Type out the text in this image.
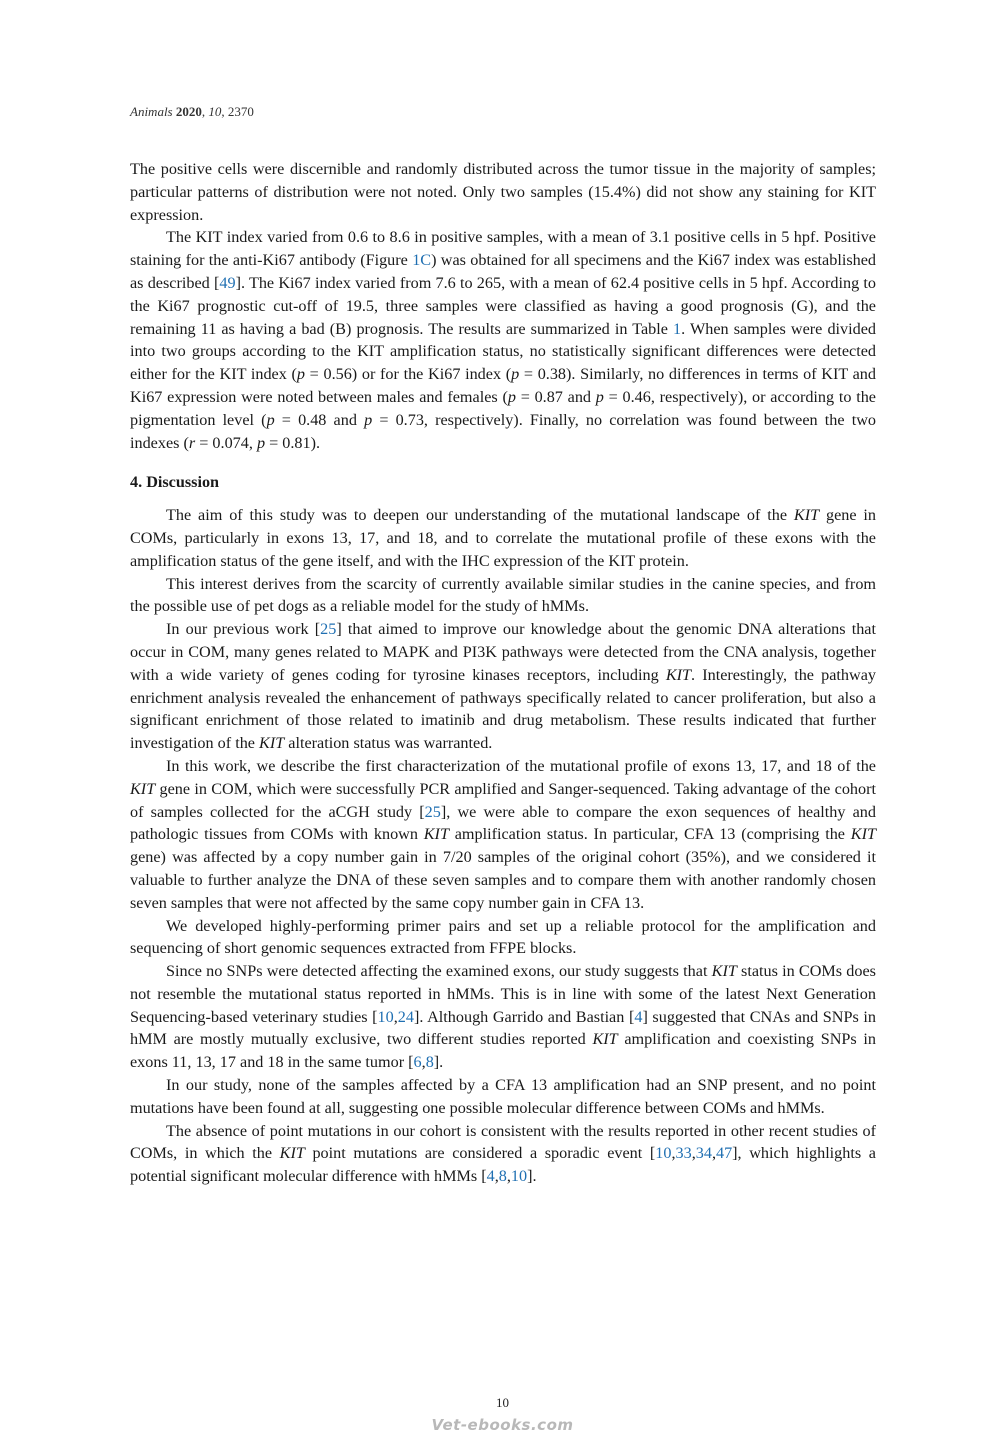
Animals 2020, 10, 2370

The positive cells were discernible and randomly distributed across the tumor tissue in the majority of samples; particular patterns of distribution were not noted. Only two samples (15.4%) did not show any staining for KIT expression.

The KIT index varied from 0.6 to 8.6 in positive samples, with a mean of 3.1 positive cells in 5 hpf. Positive staining for the anti-Ki67 antibody (Figure 1C) was obtained for all specimens and the Ki67 index was established as described [49]. The Ki67 index varied from 7.6 to 265, with a mean of 62.4 positive cells in 5 hpf. According to the Ki67 prognostic cut-off of 19.5, three samples were classified as having a good prognosis (G), and the remaining 11 as having a bad (B) prognosis. The results are summarized in Table 1. When samples were divided into two groups according to the KIT amplification status, no statistically significant differences were detected either for the KIT index (p = 0.56) or for the Ki67 index (p = 0.38). Similarly, no differences in terms of KIT and Ki67 expression were noted between males and females (p = 0.87 and p = 0.46, respectively), or according to the pigmentation level (p = 0.48 and p = 0.73, respectively). Finally, no correlation was found between the two indexes (r = 0.074, p = 0.81).

4. Discussion

The aim of this study was to deepen our understanding of the mutational landscape of the KIT gene in COMs, particularly in exons 13, 17, and 18, and to correlate the mutational profile of these exons with the amplification status of the gene itself, and with the IHC expression of the KIT protein.

This interest derives from the scarcity of currently available similar studies in the canine species, and from the possible use of pet dogs as a reliable model for the study of hMMs.

In our previous work [25] that aimed to improve our knowledge about the genomic DNA alterations that occur in COM, many genes related to MAPK and PI3K pathways were detected from the CNA analysis, together with a wide variety of genes coding for tyrosine kinases receptors, including KIT. Interestingly, the pathway enrichment analysis revealed the enhancement of pathways specifically related to cancer proliferation, but also a significant enrichment of those related to imatinib and drug metabolism. These results indicated that further investigation of the KIT alteration status was warranted.

In this work, we describe the first characterization of the mutational profile of exons 13, 17, and 18 of the KIT gene in COM, which were successfully PCR amplified and Sanger-sequenced. Taking advantage of the cohort of samples collected for the aCGH study [25], we were able to compare the exon sequences of healthy and pathologic tissues from COMs with known KIT amplification status. In particular, CFA 13 (comprising the KIT gene) was affected by a copy number gain in 7/20 samples of the original cohort (35%), and we considered it valuable to further analyze the DNA of these seven samples and to compare them with another randomly chosen seven samples that were not affected by the same copy number gain in CFA 13.

We developed highly-performing primer pairs and set up a reliable protocol for the amplification and sequencing of short genomic sequences extracted from FFPE blocks.

Since no SNPs were detected affecting the examined exons, our study suggests that KIT status in COMs does not resemble the mutational status reported in hMMs. This is in line with some of the latest Next Generation Sequencing-based veterinary studies [10,24]. Although Garrido and Bastian [4] suggested that CNAs and SNPs in hMM are mostly mutually exclusive, two different studies reported KIT amplification and coexisting SNPs in exons 11, 13, 17 and 18 in the same tumor [6,8].

In our study, none of the samples affected by a CFA 13 amplification had an SNP present, and no point mutations have been found at all, suggesting one possible molecular difference between COMs and hMMs.

The absence of point mutations in our cohort is consistent with the results reported in other recent studies of COMs, in which the KIT point mutations are considered a sporadic event [10,33,34,47], which highlights a potential significant molecular difference with hMMs [4,8,10].

10
Vet-ebooks.com
